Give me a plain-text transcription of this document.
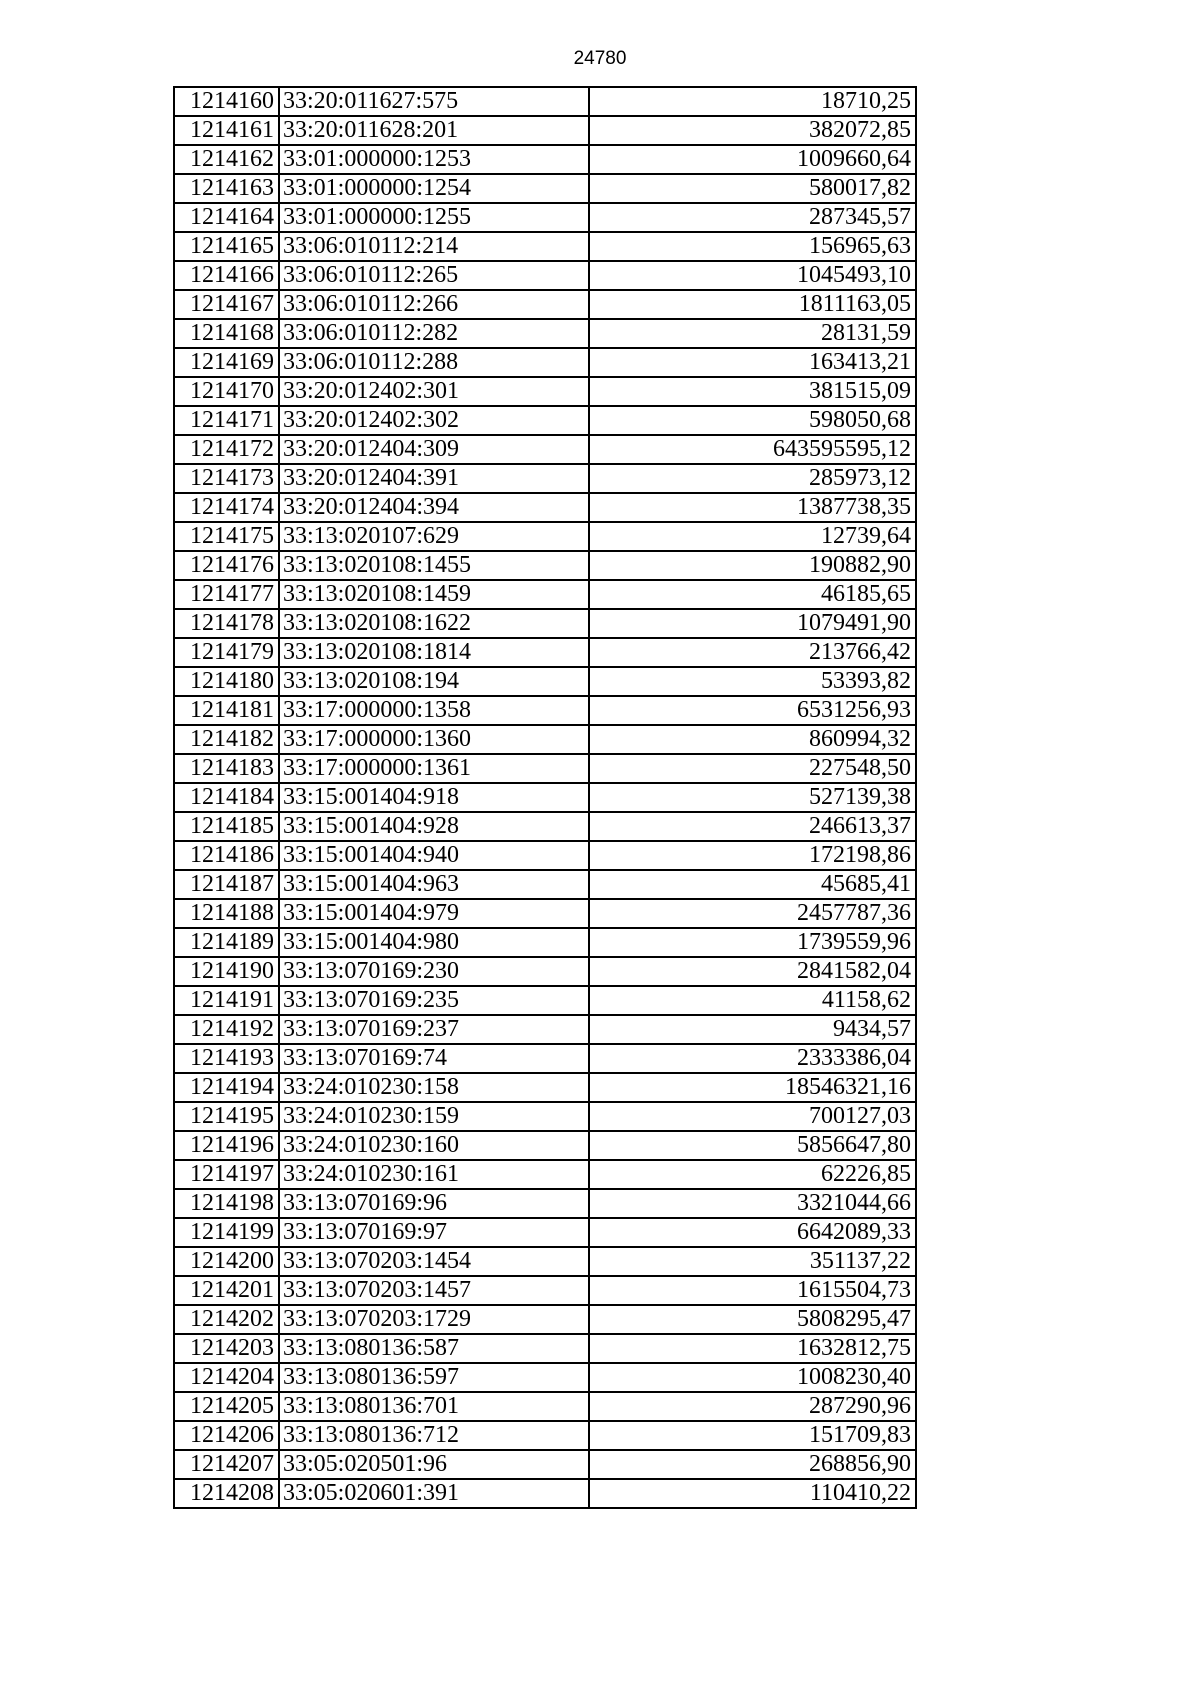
24780
1214160	33:20:011627:575	18710,25
1214161	33:20:011628:201	382072,85
1214162	33:01:000000:1253	1009660,64
1214163	33:01:000000:1254	580017,82
1214164	33:01:000000:1255	287345,57
1214165	33:06:010112:214	156965,63
1214166	33:06:010112:265	1045493,10
1214167	33:06:010112:266	1811163,05
1214168	33:06:010112:282	28131,59
1214169	33:06:010112:288	163413,21
1214170	33:20:012402:301	381515,09
1214171	33:20:012402:302	598050,68
1214172	33:20:012404:309	643595595,12
1214173	33:20:012404:391	285973,12
1214174	33:20:012404:394	1387738,35
1214175	33:13:020107:629	12739,64
1214176	33:13:020108:1455	190882,90
1214177	33:13:020108:1459	46185,65
1214178	33:13:020108:1622	1079491,90
1214179	33:13:020108:1814	213766,42
1214180	33:13:020108:194	53393,82
1214181	33:17:000000:1358	6531256,93
1214182	33:17:000000:1360	860994,32
1214183	33:17:000000:1361	227548,50
1214184	33:15:001404:918	527139,38
1214185	33:15:001404:928	246613,37
1214186	33:15:001404:940	172198,86
1214187	33:15:001404:963	45685,41
1214188	33:15:001404:979	2457787,36
1214189	33:15:001404:980	1739559,96
1214190	33:13:070169:230	2841582,04
1214191	33:13:070169:235	41158,62
1214192	33:13:070169:237	9434,57
1214193	33:13:070169:74	2333386,04
1214194	33:24:010230:158	18546321,16
1214195	33:24:010230:159	700127,03
1214196	33:24:010230:160	5856647,80
1214197	33:24:010230:161	62226,85
1214198	33:13:070169:96	3321044,66
1214199	33:13:070169:97	6642089,33
1214200	33:13:070203:1454	351137,22
1214201	33:13:070203:1457	1615504,73
1214202	33:13:070203:1729	5808295,47
1214203	33:13:080136:587	1632812,75
1214204	33:13:080136:597	1008230,40
1214205	33:13:080136:701	287290,96
1214206	33:13:080136:712	151709,83
1214207	33:05:020501:96	268856,90
1214208	33:05:020601:391	110410,22
